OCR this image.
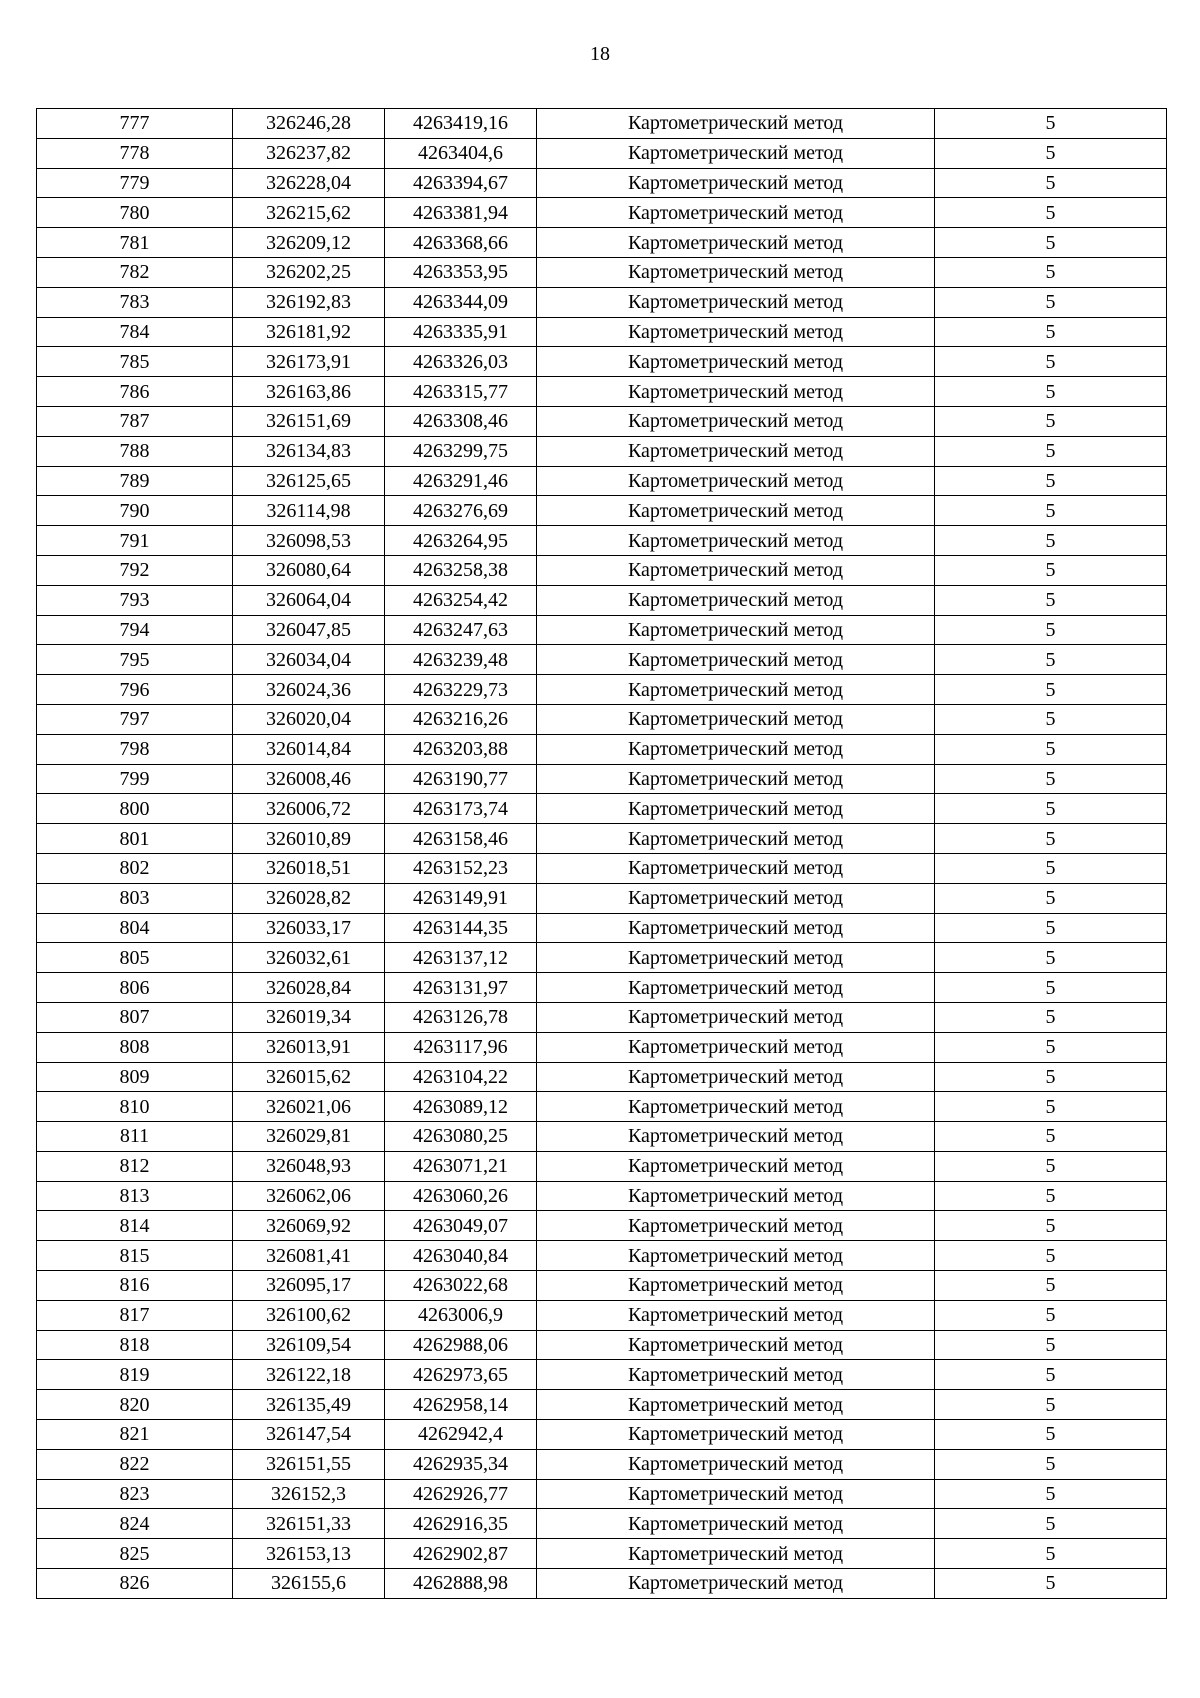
18
777	326246,28	4263419,16	Картометрический метод	5
778	326237,82	4263404,6	Картометрический метод	5
779	326228,04	4263394,67	Картометрический метод	5
780	326215,62	4263381,94	Картометрический метод	5
781	326209,12	4263368,66	Картометрический метод	5
782	326202,25	4263353,95	Картометрический метод	5
783	326192,83	4263344,09	Картометрический метод	5
784	326181,92	4263335,91	Картометрический метод	5
785	326173,91	4263326,03	Картометрический метод	5
786	326163,86	4263315,77	Картометрический метод	5
787	326151,69	4263308,46	Картометрический метод	5
788	326134,83	4263299,75	Картометрический метод	5
789	326125,65	4263291,46	Картометрический метод	5
790	326114,98	4263276,69	Картометрический метод	5
791	326098,53	4263264,95	Картометрический метод	5
792	326080,64	4263258,38	Картометрический метод	5
793	326064,04	4263254,42	Картометрический метод	5
794	326047,85	4263247,63	Картометрический метод	5
795	326034,04	4263239,48	Картометрический метод	5
796	326024,36	4263229,73	Картометрический метод	5
797	326020,04	4263216,26	Картометрический метод	5
798	326014,84	4263203,88	Картометрический метод	5
799	326008,46	4263190,77	Картометрический метод	5
800	326006,72	4263173,74	Картометрический метод	5
801	326010,89	4263158,46	Картометрический метод	5
802	326018,51	4263152,23	Картометрический метод	5
803	326028,82	4263149,91	Картометрический метод	5
804	326033,17	4263144,35	Картометрический метод	5
805	326032,61	4263137,12	Картометрический метод	5
806	326028,84	4263131,97	Картометрический метод	5
807	326019,34	4263126,78	Картометрический метод	5
808	326013,91	4263117,96	Картометрический метод	5
809	326015,62	4263104,22	Картометрический метод	5
810	326021,06	4263089,12	Картометрический метод	5
811	326029,81	4263080,25	Картометрический метод	5
812	326048,93	4263071,21	Картометрический метод	5
813	326062,06	4263060,26	Картометрический метод	5
814	326069,92	4263049,07	Картометрический метод	5
815	326081,41	4263040,84	Картометрический метод	5
816	326095,17	4263022,68	Картометрический метод	5
817	326100,62	4263006,9	Картометрический метод	5
818	326109,54	4262988,06	Картометрический метод	5
819	326122,18	4262973,65	Картометрический метод	5
820	326135,49	4262958,14	Картометрический метод	5
821	326147,54	4262942,4	Картометрический метод	5
822	326151,55	4262935,34	Картометрический метод	5
823	326152,3	4262926,77	Картометрический метод	5
824	326151,33	4262916,35	Картометрический метод	5
825	326153,13	4262902,87	Картометрический метод	5
826	326155,6	4262888,98	Картометрический метод	5
